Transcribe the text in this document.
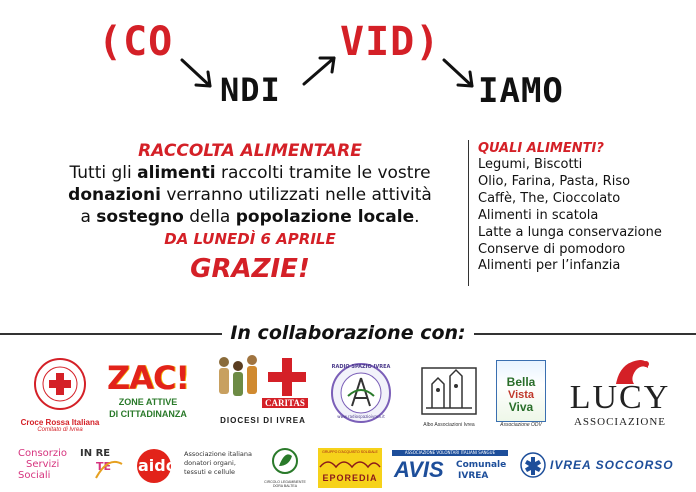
(CO
NDI
VID)
IAMO
RACCOLTA ALIMENTARE
Tutti gli alimenti raccolti tramite le vostre
donazioni verranno utilizzati nelle attività
a sostegno della popolazione locale.
DA LUNEDÌ 6 APRILE
GRAZIE!
QUALI ALIMENTI?
Legumi, Biscotti
Olio, Farina, Pasta, Riso
Caffè, The, Cioccolato
Alimenti in scatola
Latte a lunga conservazione
Conserve di pomodoro
Alimenti per l’infanzia
In collaborazione con:
Croce Rossa Italiana
Comitato di Ivrea
ZAC!
ZONE ATTIVE
DI CITTADINANZA
CARITAS
DIOCESI DI IVREA
RADIO SPAZIO IVREA
www.radiospazioivrea.it
Albo Associazioni Ivrea
Bella
Vista
Viva
Associazione ODV
LUCY
ASSOCIAZIONE
Consorzio
Servizi
Sociali
IN RE
TE aido
Associazione italiana
donatori organi,
tessuti e cellule
CIRCOLO LEGAMBIENTE
DORA BALTEA
GRUPPO D'ACQUISTO SOLIDALE
EPOREDIA
ASSOCIAZIONE VOLONTARI ITALIANI SANGUE
AVIS Comunale
IVREA
IVREA SOCCORSO
